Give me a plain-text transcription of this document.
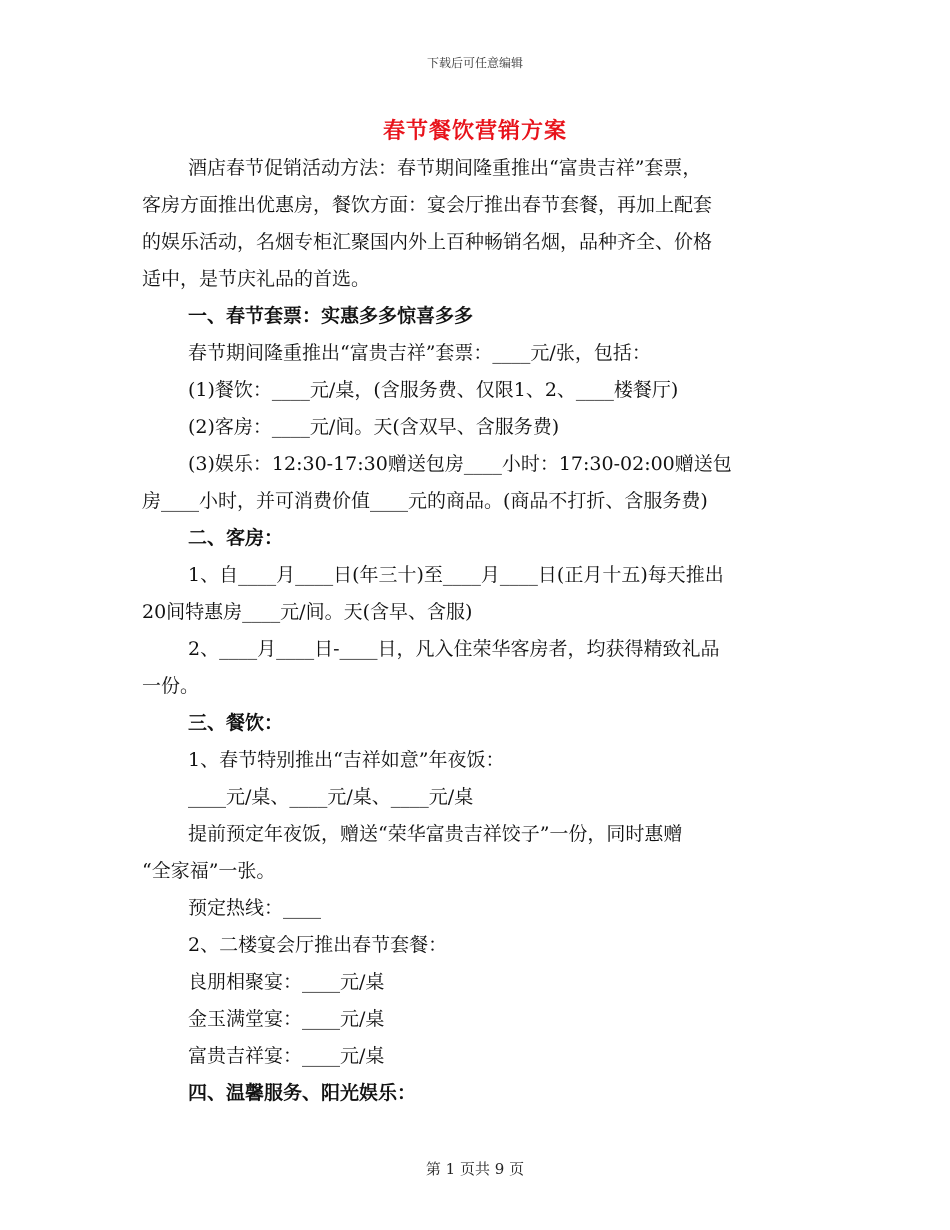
下载后可任意编辑
春节餐饮营销方案

酒店春节促销活动方法：春节期间隆重推出“富贵吉祥”套票，

客房方面推出优惠房，餐饮方面：宴会厅推出春节套餐，再加上配套

的娱乐活动，名烟专柜汇聚国内外上百种畅销名烟，品种齐全、价格

适中，是节庆礼品的首选。

一、春节套票：实惠多多惊喜多多

春节期间隆重推出“富贵吉祥”套票：____元/张，包括：

(1)餐饮：____元/桌，(含服务费、仅限1、2、____楼餐厅)

(2)客房：____元/间。天(含双早、含服务费)

(3)娱乐：12:30-17:30赠送包房____小时：17:30-02:00赠送包

房____小时，并可消费价值____元的商品。(商品不打折、含服务费)

二、客房：

1、自____月____日(年三十)至____月____日(正月十五)每天推出

20间特惠房____元/间。天(含早、含服)

2、____月____日-____日，凡入住荣华客房者，均获得精致礼品

一份。

三、餐饮：

1、春节特别推出“吉祥如意”年夜饭：

____元/桌、____元/桌、____元/桌

提前预定年夜饭，赠送“荣华富贵吉祥饺子”一份，同时惠赠

“全家福”一张。

预定热线：____

2、二楼宴会厅推出春节套餐：

良朋相聚宴：____元/桌

金玉满堂宴：____元/桌

富贵吉祥宴：____元/桌

四、温馨服务、阳光娱乐：

第 1 页共 9 页
